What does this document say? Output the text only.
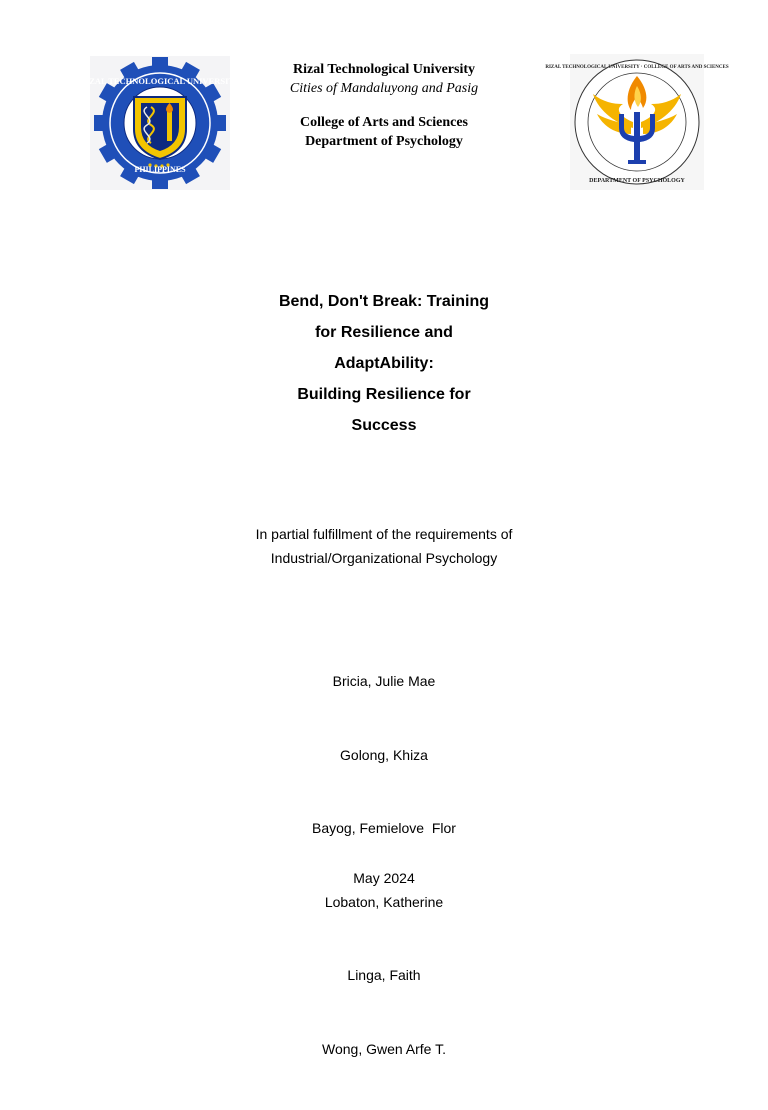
RIZAL TECHNOLOGICAL UNIVERSITY
PHILIPPINES
Rizal Technological University
Cities of Mandaluyong and Pasig
College of Arts and Sciences
Department of Psychology
RIZAL TECHNOLOGICAL UNIVERSITY · COLLEGE OF ARTS AND SCIENCES
DEPARTMENT OF PSYCHOLOGY
Bend, Don't Break: Training
for Resilience and
AdaptAbility:
Building Resilience for
Success
In partial fulfillment of the requirements of
Industrial/Organizational Psychology

Bricia, Julie Mae

Golong, Khiza

Bayog, Femielove  Flor

Lobaton, Katherine

Linga, Faith

Wong, Gwen Arfe T.

May 2024
